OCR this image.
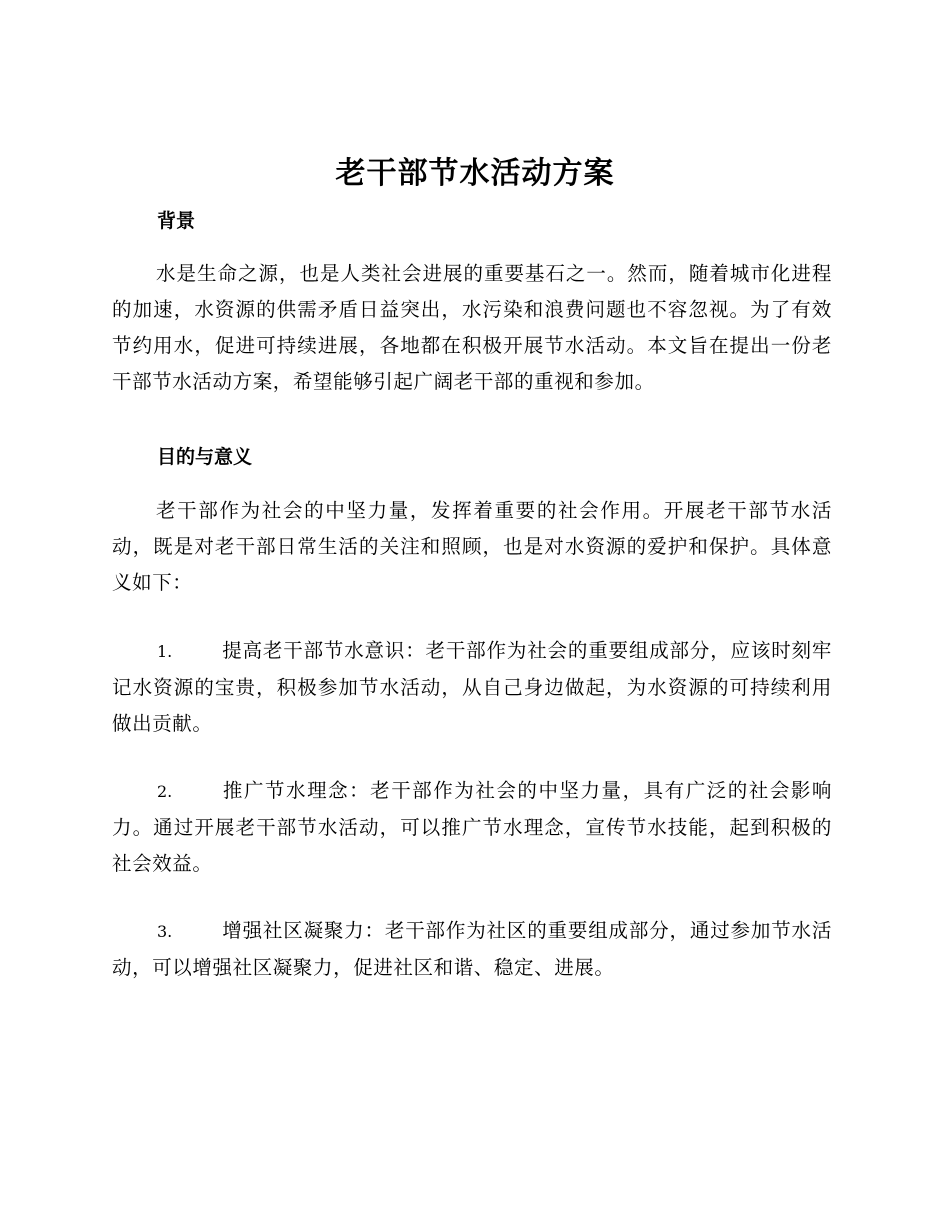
老干部节水活动方案
背景
水是生命之源，也是人类社会进展的重要基石之一。然而，随着城市化进程的加速，水资源的供需矛盾日益突出，水污染和浪费问题也不容忽视。为了有效节约用水，促进可持续进展，各地都在积极开展节水活动。本文旨在提出一份老干部节水活动方案，希望能够引起广阔老干部的重视和参加。
目的与意义
老干部作为社会的中坚力量，发挥着重要的社会作用。开展老干部节水活动，既是对老干部日常生活的关注和照顾，也是对水资源的爱护和保护。具体意义如下：
1.	提高老干部节水意识：老干部作为社会的重要组成部分，应该时刻牢记水资源的宝贵，积极参加节水活动，从自己身边做起，为水资源的可持续利用做出贡献。
2.	推广节水理念：老干部作为社会的中坚力量，具有广泛的社会影响力。通过开展老干部节水活动，可以推广节水理念，宣传节水技能，起到积极的社会效益。
3.	增强社区凝聚力：老干部作为社区的重要组成部分，通过参加节水活动，可以增强社区凝聚力，促进社区和谐、稳定、进展。
